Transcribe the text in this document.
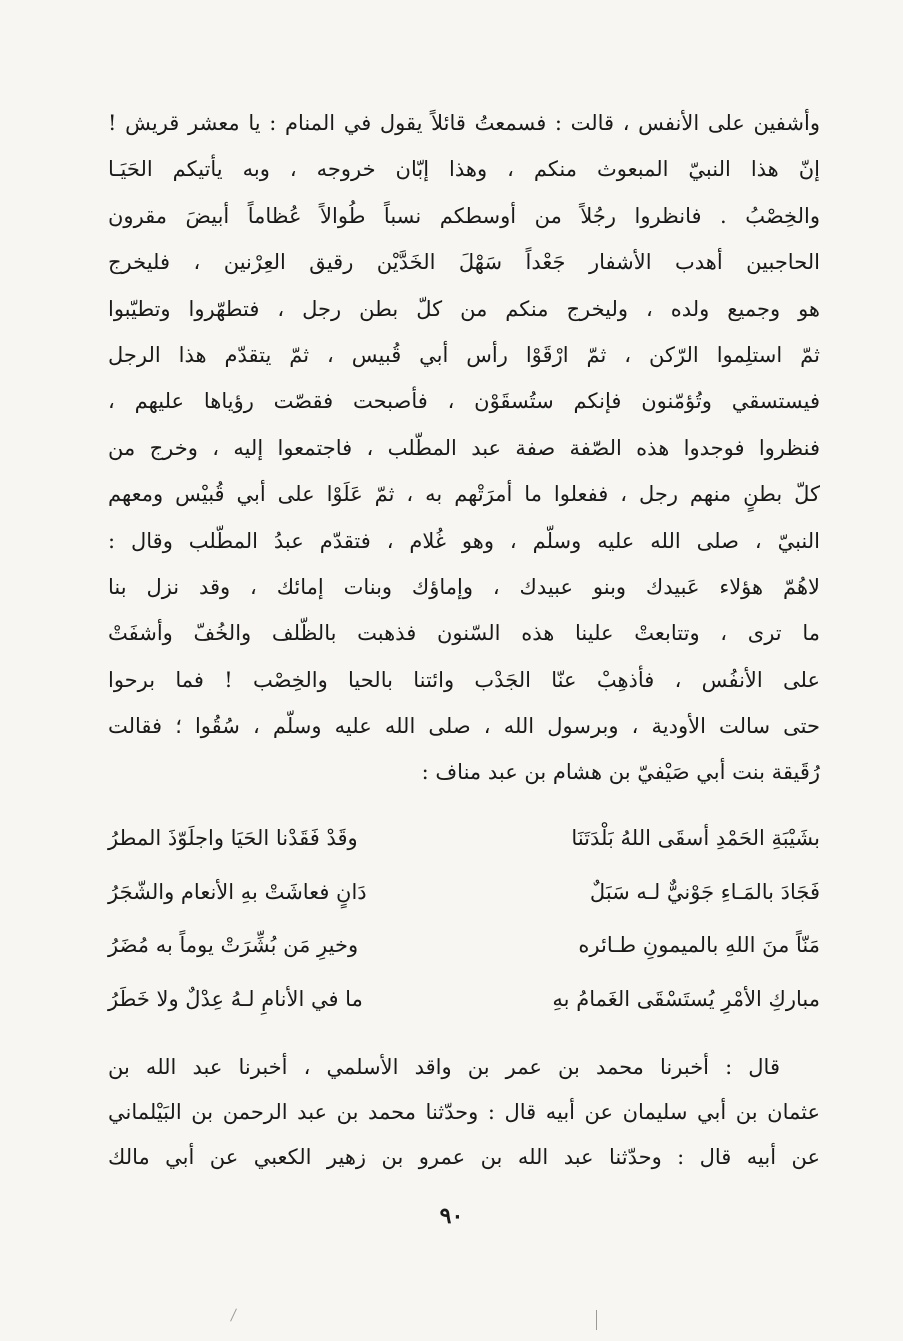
وأشفين على الأنفس ، قالت : فسمعتُ قائلاً يقول في المنام : يا معشر قريش !
إنّ هذا النبيّ المبعوث منكم ، وهذا إبّان خروجه ، وبه يأتيكم الحَيَـا
والخِصْبُ . فانظروا رجُلاً من أوسطكم نسباً طُوالاً عُظاماً أبيضَ مقرون
الحاجبين أهدب الأشفار جَعْداً سَهْلَ الخَدَّيْن رقيق العِرْنين ، فليخرج
هو وجميع ولده ، وليخرج منكم من كلّ بطن رجل ، فتطهّروا وتطيّبوا
ثمّ استلِموا الرّكن ، ثمّ ارْقَوْا رأس أبي قُبيس ، ثمّ يتقدّم هذا الرجل
فيستسقي وتُؤمّنون فإنكم ستُسقَوْن ، فأصبحت فقصّت رؤياها عليهم ،
فنظروا فوجدوا هذه الصّفة صفة عبد المطّلب ، فاجتمعوا إليه ، وخرج من
كلّ بطنٍ منهم رجل ، ففعلوا ما أمرَتْهم به ، ثمّ عَلَوْا على أبي قُبيْس ومعهم
النبيّ ، صلى الله عليه وسلّم ، وهو غُلام ، فتقدّم عبدُ المطّلب وقال :
لاهُمّ هؤلاء عَبيدك وبنو عبيدك ، وإماؤك وبنات إمائك ، وقد نزل بنا
ما ترى ، وتتابعتْ علينا هذه السّنون فذهبت بالظّلف والخُفّ وأشفَتْ
على الأنفُس ، فأذهِبْ عنّا الجَدْب وائتنا بالحيا والخِصْب ! فما برحوا
حتى سالت الأودية ، وبرسول الله ، صلى الله عليه وسلّم ، سُقُوا ؛ فقالت
رُقَيقة بنت أبي صَيْفيّ بن هشام بن عبد مناف :
بشَيْبَةِ الحَمْدِ أسقَى اللهُ بَلْدَتَنَا
وقَدْ فَقَدْنا الحَيَا واجلَوّذَ المطرُ
فَجَادَ بالمَـاءِ جَوْنيٌّ لـه سَبَلٌ
دَانٍ فعاشَتْ بهِ الأنعام والشّجَرُ
مَنّاً منَ اللهِ بالميمونِ طـائره
وخيرِ مَن بُشِّرَتْ يوماً به مُضَرُ
مباركِ الأمْرِ يُستَسْقَى الغَمامُ بهِ
ما في الأنامِ لـهُ عِدْلٌ ولا خَطَرُ
قال : أخبرنا محمد بن عمر بن واقد الأسلمي ، أخبرنا عبد الله بن
عثمان بن أبي سليمان عن أبيه قال : وحدّثنا محمد بن عبد الرحمن بن البَيْلماني
عن أبيه قال : وحدّثنا عبد الله بن عمرو بن زهير الكعبي عن أبي مالك
٩٠
